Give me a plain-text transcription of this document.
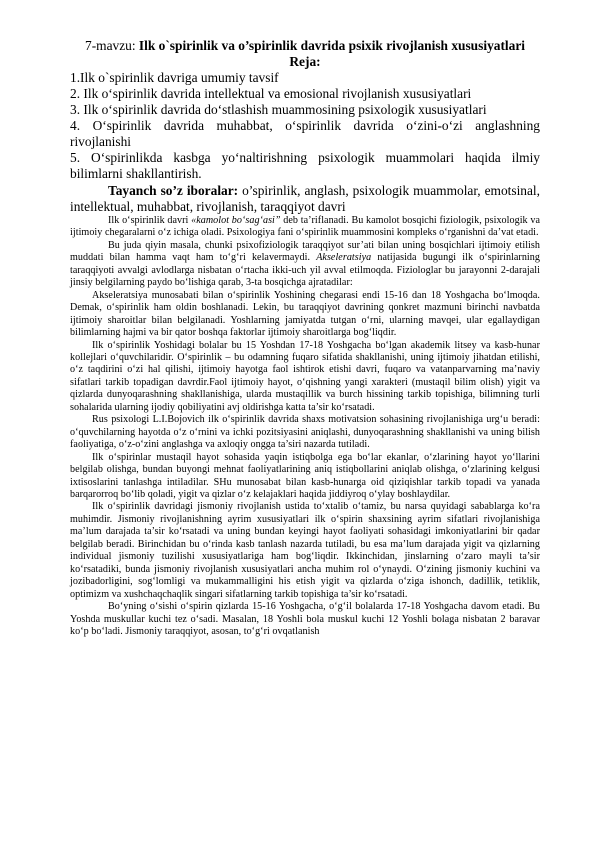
7-mavzu: Ilk o`spirinlik va o’spirinlik davrida psixik rivojlanish xususiyatlari
Reja:
1.Ilk o`spirinlik davriga umumiy tavsif
2. Ilk o‘spirinlik davrida intellektual va emosional rivojlanish xususiyatlari
3. Ilk o‘spirinlik davrida do‘stlashish muammosining psixologik xususiyatlari
4. O‘spirinlik davrida muhabbat, o‘spirinlik davrida o‘zini-o‘zi anglashning rivojlanishi
5. O‘spirinlikda kasbga yo‘naltirishning psixologik muammolari haqida ilmiy bilimlarni shakllantirish.
Tayanch so’z iboralar: o’spirinlik, anglash, psixologik muammolar, emotsinal, intellektual, muhabbat, rivojlanish, taraqqiyot davri

Ilk o‘spirinlik davri «kamolot bo‘sag‘asi” deb ta’riflanadi. Bu kamolot bosqichi fiziologik, psixologik va ijtimoiy chegaralarni o‘z ichiga oladi. Psixologiya fani o‘spirinlik muammosini kompleks o‘rganishni da’vat etadi.

Bu juda qiyin masala, chunki psixofiziologik taraqqiyot sur’ati bilan uning bosqichlari ijtimoiy etilish muddati bilan hamma vaqt ham to‘g‘ri kelavermaydi. Akseleratsiya natijasida bugungi ilk o‘spirinlarning taraqqiyoti avvalgi avlodlarga nisbatan o‘rtacha ikki-uch yil avval etilmoqda. Fiziologlar bu jarayonni 2-darajali jinsiy belgilarning paydo bo‘lishiga qarab, 3-ta bosqichga ajratadilar:

Akseleratsiya munosabati bilan o‘spirinlik Yoshining chegarasi endi 15-16 dan 18 Yoshgacha bo‘lmoqda. Demak, o‘spirinlik ham oldin boshlanadi. Lekin, bu taraqqiyot davrining qonkret mazmuni birinchi navbatda ijtimoiy sharoitlar bilan belgilanadi. Yoshlarning jamiyatda tutgan o‘rni, ularning mavqei, ular egallaydigan bilimlarning hajmi va bir qator boshqa faktorlar ijtimoiy sharoitlarga bog‘liqdir.

Ilk o‘spirinlik Yoshidagi bolalar bu 15 Yoshdan 17-18 Yoshgacha bo‘lgan akademik litsey va kasb-hunar kollejlari o‘quvchilaridir. O‘spirinlik – bu odamning fuqaro sifatida shakllanishi, uning ijtimoiy jihatdan etilishi, o‘z taqdirini o‘zi hal qilishi, ijtimoiy hayotga faol ishtirok etishi davri, fuqaro va vatanparvarning ma’naviy sifatlari tarkib topadigan davrdir.Faol ijtimoiy hayot, o‘qishning yangi xarakteri (mustaqil bilim olish) yigit va qizlarda dunyoqarashning shakllanishiga, ularda mustaqillik va burch hissining tarkib topishiga, bilimning turli sohalarida ularning ijodiy qobiliyatini avj oldirishga katta ta’sir ko‘rsatadi.

Rus psixologi L.I.Bojovich ilk o‘spirinlik davrida shaxs motivatsion sohasining rivojlanishiga urg‘u beradi: o‘quvchilarning hayotda o‘z o‘rnini va ichki pozitsiyasini aniqlashi, dunyoqarashning shakllanishi va uning bilish faoliyatiga, o‘z-o‘zini anglashga va axloqiy ongga ta’siri nazarda tutiladi.

Ilk o‘spirinlar mustaqil hayot sohasida yaqin istiqbolga ega bo‘lar ekanlar, o‘zlarining hayot yo‘llarini belgilab olishga, bundan buyongi mehnat faoliyatlarining aniq istiqbollarini aniqlab olishga, o‘zlarining kelgusi ixtisoslarini tanlashga intiladilar. SHu munosabat bilan kasb-hunarga oid qiziqishlar tarkib topadi va yanada barqarorroq bo‘lib qoladi, yigit va qizlar o‘z kelajaklari haqida jiddiyroq o‘ylay boshlaydilar.

Ilk o‘spirinlik davridagi jismoniy rivojlanish ustida to‘xtalib o‘tamiz, bu narsa quyidagi sabablarga ko‘ra muhimdir. Jismoniy rivojlanishning ayrim xususiyatlari ilk o‘spirin shaxsining ayrim sifatlari rivojlanishiga ma’lum darajada ta’sir ko‘rsatadi va uning bundan keyingi hayot faoliyati sohasidagi imkoniyatlarini bir qadar belgilab beradi. Birinchidan bu o‘rinda kasb tanlash nazarda tutiladi, bu esa ma’lum darajada yigit va qizlarning individual jismoniy tuzilishi xususiyatlariga ham bog‘liqdir. Ikkinchidan, jinslarning o‘zaro mayli ta’sir ko‘rsatadiki, bunda jismoniy rivojlanish xususiyatlari ancha muhim rol o‘ynaydi. O‘zining jismoniy kuchini va jozibadorligini, sog‘lomligi va mukammalligini his etish yigit va qizlarda o‘ziga ishonch, dadillik, tetiklik, optimizm va xushchaqchaqlik singari sifatlarning tarkib topishiga ta’sir ko‘rsatadi.

Bo‘yning o‘sishi o‘spirin qizlarda 15-16 Yoshgacha, o‘g‘il bolalarda 17-18 Yoshgacha davom etadi. Bu Yoshda muskullar kuchi tez o‘sadi. Masalan, 18 Yoshli bola muskul kuchi 12 Yoshli bolaga nisbatan 2 baravar ko‘p bo‘ladi. Jismoniy taraqqiyot, asosan, to‘g‘ri ovqatlanish
